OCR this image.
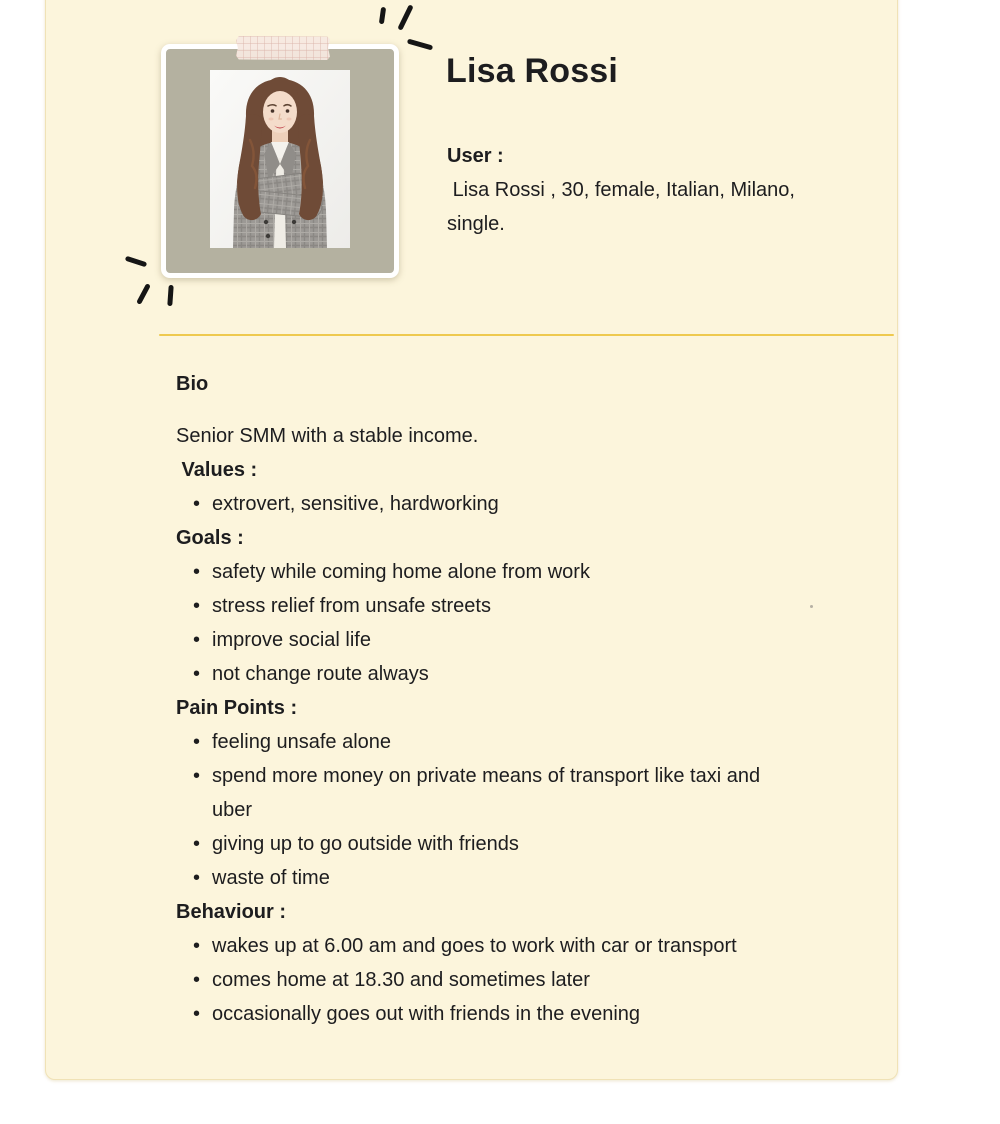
Lisa Rossi
User :
Lisa Rossi , 30, female, Italian, Milano, single.
Bio
Senior SMM with a stable income.
Values :
• extrovert, sensitive, hardworking
Goals :
• safety while coming home alone from work
• stress relief from unsafe streets
• improve social life
• not change route always
Pain Points :
• feeling unsafe alone
• spend more money on private means of transport like taxi and uber
• giving up to go outside with friends
• waste of time
Behaviour :
• wakes up at 6.00 am and goes to work with car or transport
• comes home at 18.30 and sometimes later
• occasionally goes out with friends in the evening
